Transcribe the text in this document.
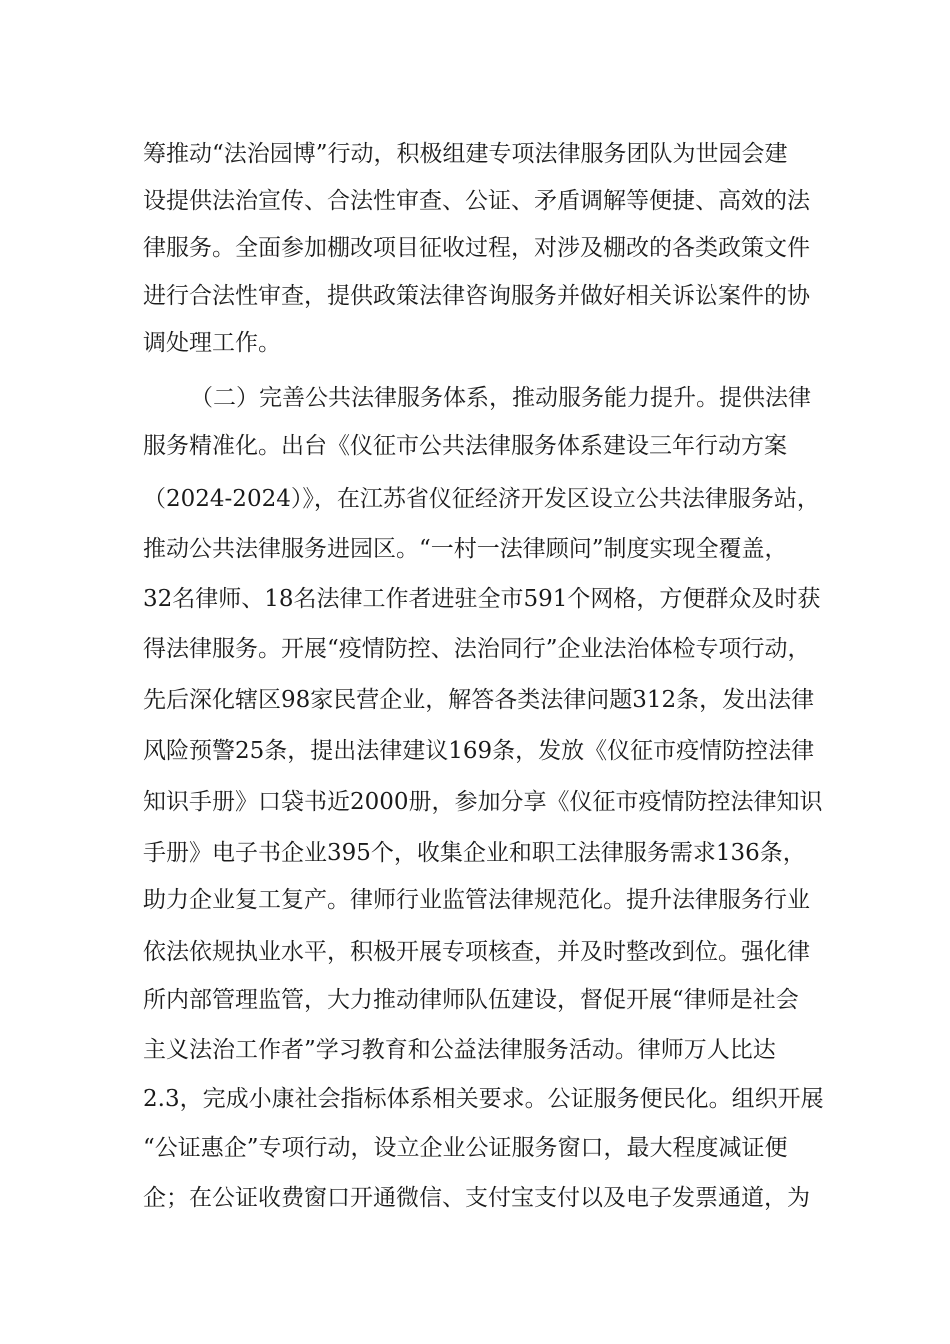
筹推动“法治园博”行动，积极组建专项法律服务团队为世园会建
设提供法治宣传、合法性审查、公证、矛盾调解等便捷、高效的法
律服务。全面参加棚改项目征收过程，对涉及棚改的各类政策文件
进行合法性审查，提供政策法律咨询服务并做好相关诉讼案件的协
调处理工作。
（二）完善公共法律服务体系，推动服务能力提升。提供法律
服务精准化。出台《仪征市公共法律服务体系建设三年行动方案
（2024-2024）》，在江苏省仪征经济开发区设立公共法律服务站，
推动公共法律服务进园区。“一村一法律顾问”制度实现全覆盖，
32名律师、18名法律工作者进驻全市591个网格，方便群众及时获
得法律服务。开展“疫情防控、法治同行”企业法治体检专项行动，
先后深化辖区98家民营企业，解答各类法律问题312条，发出法律
风险预警25条，提出法律建议169条，发放《仪征市疫情防控法律
知识手册》口袋书近2000册，参加分享《仪征市疫情防控法律知识
手册》电子书企业395个，收集企业和职工法律服务需求136条，
助力企业复工复产。律师行业监管法律规范化。提升法律服务行业
依法依规执业水平，积极开展专项核查，并及时整改到位。强化律
所内部管理监管，大力推动律师队伍建设，督促开展“律师是社会
主义法治工作者”学习教育和公益法律服务活动。律师万人比达
2.3，完成小康社会指标体系相关要求。公证服务便民化。组织开展
“公证惠企”专项行动，设立企业公证服务窗口，最大程度减证便
企；在公证收费窗口开通微信、支付宝支付以及电子发票通道，为
